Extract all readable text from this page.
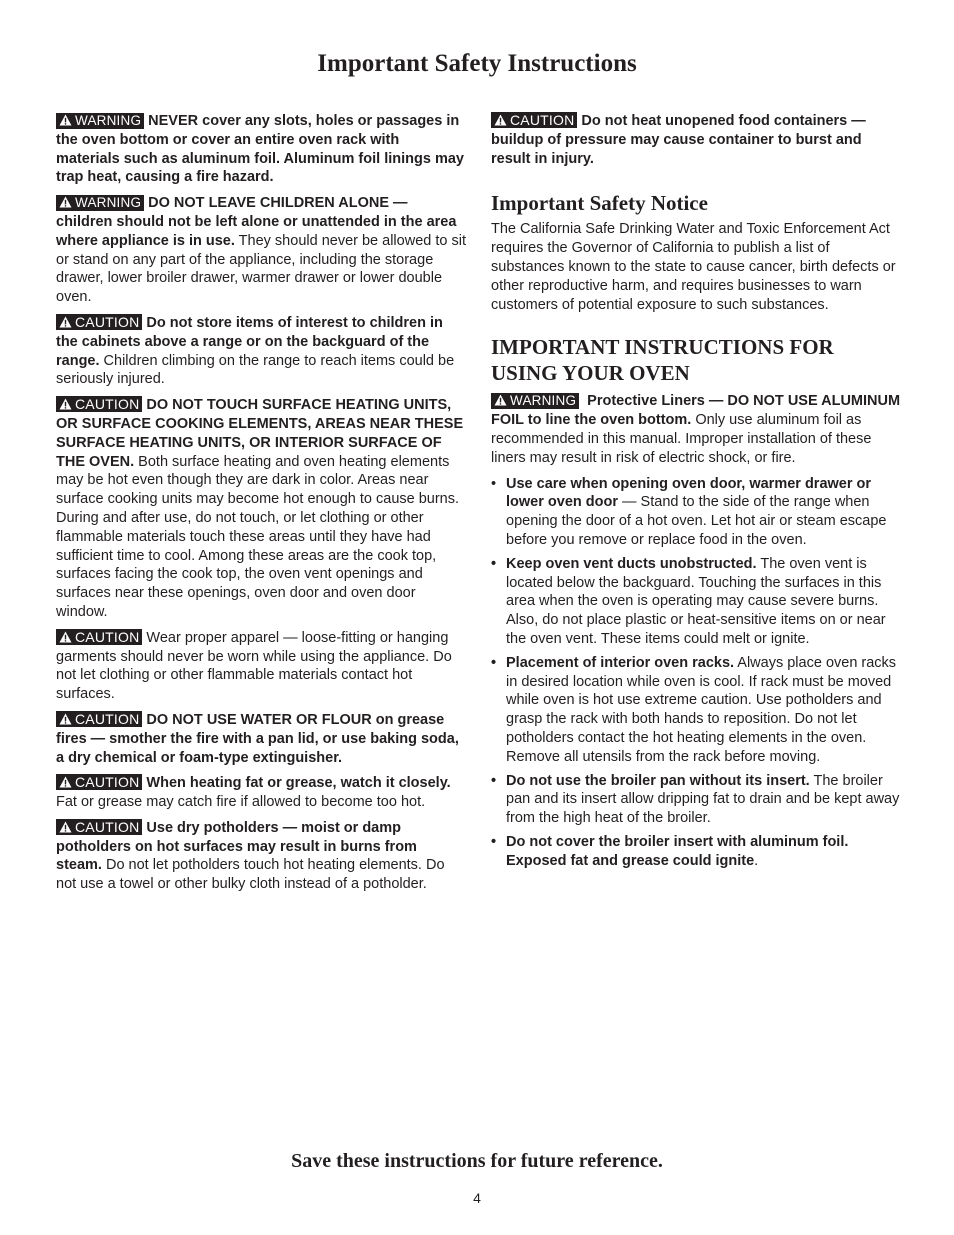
Important Safety Instructions

WARNING NEVER cover any slots, holes or passages in the oven bottom or cover an entire oven rack with materials such as aluminum foil. Aluminum foil linings may trap heat, causing a fire hazard.

WARNING DO NOT LEAVE CHILDREN ALONE — children should not be left alone or unattended in the area where appliance is in use. They should never be allowed to sit or stand on any part of the appliance, including the storage drawer, lower broiler drawer, warmer drawer or lower double oven.

CAUTION Do not store items of interest to children in the cabinets above a range or on the backguard of the range. Children climbing on the range to reach items could be seriously injured.

CAUTION DO NOT TOUCH SURFACE HEATING UNITS, OR SURFACE COOKING ELEMENTS, AREAS NEAR THESE SURFACE HEATING UNITS, OR INTERIOR SURFACE OF THE OVEN. Both surface heating and oven heating elements may be hot even though they are dark in color. Areas near surface cooking units may become hot enough to cause burns. During and after use, do not touch, or let clothing or other flammable materials touch these areas until they have had sufficient time to cool. Among these areas are the cook top, surfaces facing the cook top, the oven vent openings and surfaces near these openings, oven door and oven door window.

CAUTION Wear proper apparel — loose-fitting or hanging garments should never be worn while using the appliance. Do not let clothing or other flammable materials contact hot surfaces.

CAUTION DO NOT USE WATER OR FLOUR on grease fires — smother the fire with a pan lid, or use baking soda, a dry chemical or foam-type extinguisher.

CAUTION When heating fat or grease, watch it closely. Fat or grease may catch fire if allowed to become too hot.

CAUTION Use dry potholders — moist or damp potholders on hot surfaces may result in burns from steam. Do not let potholders touch hot heating elements. Do not use a towel or other bulky cloth instead of a potholder.

CAUTION Do not heat unopened food containers — buildup of pressure may cause container to burst and result in injury.

Important Safety Notice

The California Safe Drinking Water and Toxic Enforcement Act requires the Governor of California to publish a list of substances known to the state to cause cancer, birth defects or other reproductive harm, and requires businesses to warn customers of potential exposure to such substances.

IMPORTANT INSTRUCTIONS FOR USING YOUR OVEN

WARNING Protective Liners — DO NOT USE ALUMINUM FOIL to line the oven bottom. Only use aluminum foil as recommended in this manual. Improper installation of these liners may result in risk of electric shock, or fire.

• Use care when opening oven door, warmer drawer or lower oven door — Stand to the side of the range when opening the door of a hot oven. Let hot air or steam escape before you remove or replace food in the oven.
• Keep oven vent ducts unobstructed. The oven vent is located below the backguard. Touching the surfaces in this area when the oven is operating may cause severe burns. Also, do not place plastic or heat-sensitive items on or near the oven vent. These items could melt or ignite.
• Placement of interior oven racks. Always place oven racks in desired location while oven is cool. If rack must be moved while oven is hot use extreme caution. Use potholders and grasp the rack with both hands to reposition. Do not let potholders contact the hot heating elements in the oven. Remove all utensils from the rack before moving.
• Do not use the broiler pan without its insert. The broiler pan and its insert allow dripping fat to drain and be kept away from the high heat of the broiler.
• Do not cover the broiler insert with aluminum foil. Exposed fat and grease could ignite.

Save these instructions for future reference.

4
